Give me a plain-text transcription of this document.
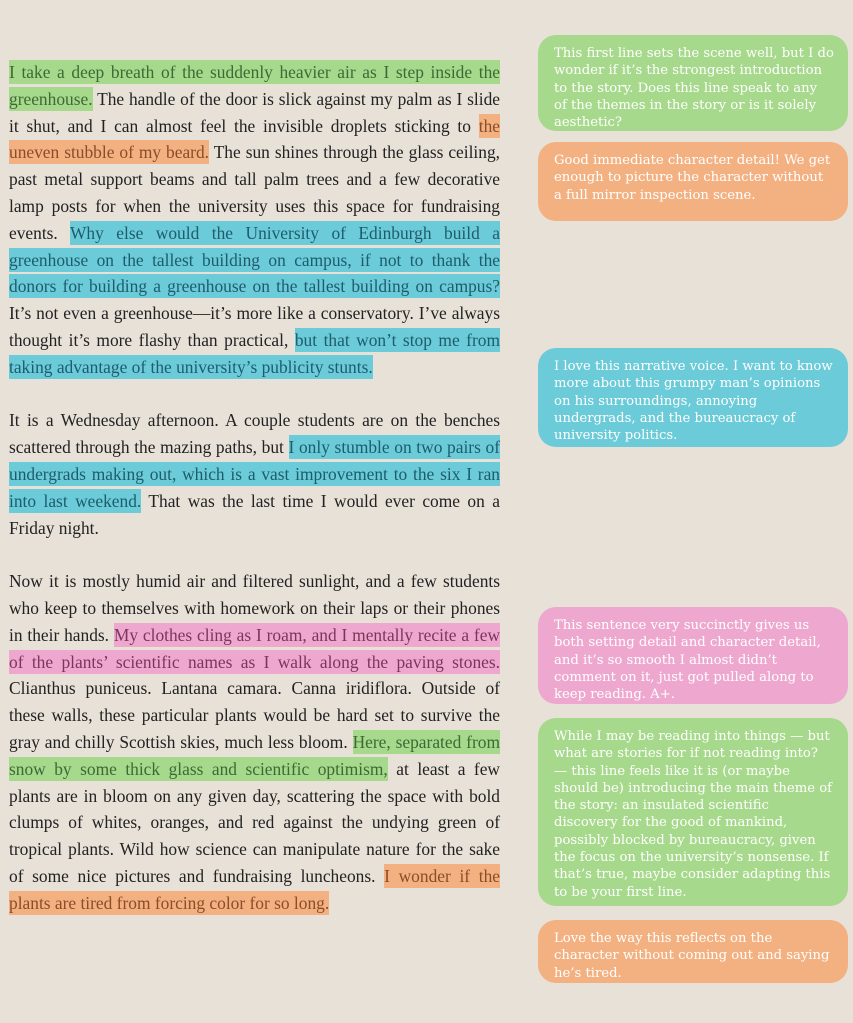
I take a deep breath of the suddenly heavier air as I step inside the greenhouse. The handle of the door is slick against my palm as I slide it shut, and I can almost feel the invisible droplets sticking to the uneven stubble of my beard. The sun shines through the glass ceiling, past metal support beams and tall palm trees and a few decorative lamp posts for when the university uses this space for fundraising events. Why else would the University of Edinburgh build a greenhouse on the tallest building on campus, if not to thank the donors for building a greenhouse on the tallest building on campus? It’s not even a greenhouse—it’s more like a conservatory. I’ve always thought it’s more flashy than practical, but that won’t stop me from taking advantage of the university’s publicity stunts.

It is a Wednesday afternoon. A couple students are on the benches scattered through the mazing paths, but I only stumble on two pairs of undergrads making out, which is a vast improvement to the six I ran into last weekend. That was the last time I would ever come on a Friday night.

Now it is mostly humid air and filtered sunlight, and a few students who keep to themselves with homework on their laps or their phones in their hands. My clothes cling as I roam, and I mentally recite a few of the plants’ scientific names as I walk along the paving stones. Clianthus puniceus. Lantana camara. Canna iridiflora. Outside of these walls, these particular plants would be hard set to survive the gray and chilly Scottish skies, much less bloom. Here, separated from snow by some thick glass and scientific optimism, at least a few plants are in bloom on any given day, scattering the space with bold clumps of whites, oranges, and red against the undying green of tropical plants. Wild how science can manipulate nature for the sake of some nice pictures and fundraising luncheons. I wonder if the plants are tired from forcing color for so long.

This first line sets the scene well, but I do wonder if it’s the strongest introduction to the story. Does this line speak to any of the themes in the story or is it solely aesthetic?
Good immediate character detail! We get enough to picture the character without a full mirror inspection scene.
I love this narrative voice. I want to know more about this grumpy man’s opinions on his surroundings, annoying undergrads, and the bureaucracy of university politics.
This sentence very succinctly gives us both setting detail and character detail, and it’s so smooth I almost didn’t comment on it, just got pulled along to keep reading. A+.
While I may be reading into things — but what are stories for if not reading into? — this line feels like it is (or maybe should be) introducing the main theme of the story: an insulated scientific discovery for the good of mankind, possibly blocked by bureaucracy, given the focus on the university’s nonsense. If that’s true, maybe consider adapting this to be your first line.
Love the way this reflects on the character without coming out and saying he’s tired.
